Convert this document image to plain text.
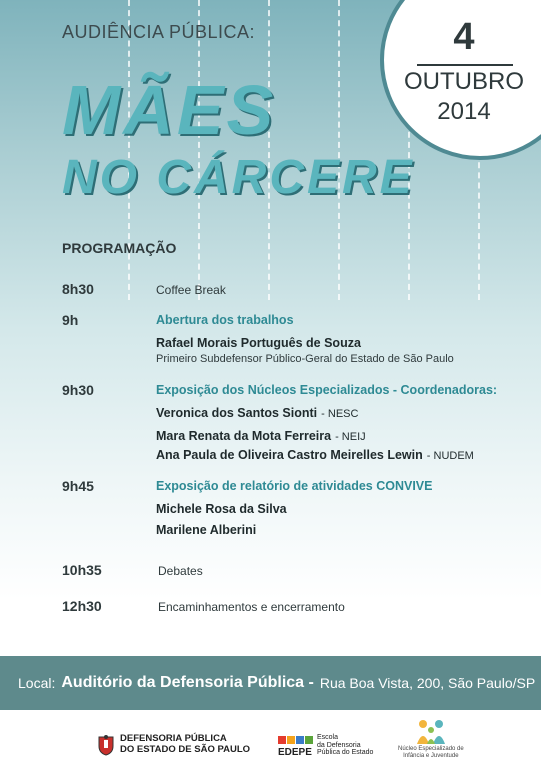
AUDIÊNCIA PÚBLICA:
MÃES
NO CÁRCERE
4
OUTUBRO
2014
PROGRAMAÇÃO
8h30	Coffee Break
9h	Abertura dos trabalhos
Rafael Morais Português de Souza
Primeiro Subdefensor Público-Geral do Estado de São Paulo
9h30	Exposição dos Núcleos Especializados - Coordenadoras:
Veronica dos Santos Sionti - NESC
Mara Renata da Mota Ferreira - NEIJ
Ana Paula de Oliveira Castro Meirelles Lewin - NUDEM
9h45	Exposição de relatório de atividades CONVIVE
Michele Rosa da Silva
Marilene Alberini
10h35	Debates
12h30	Encaminhamentos e encerramento
Local: Auditório da Defensoria Pública - Rua Boa Vista, 200, São Paulo/SP
DEFENSORIA PÚBLICA
DO ESTADO DE SÃO PAULO	EDEPE
Escola
da Defensoria
Pública do Estado
Núcleo Especializado de
Infância e Juventude
